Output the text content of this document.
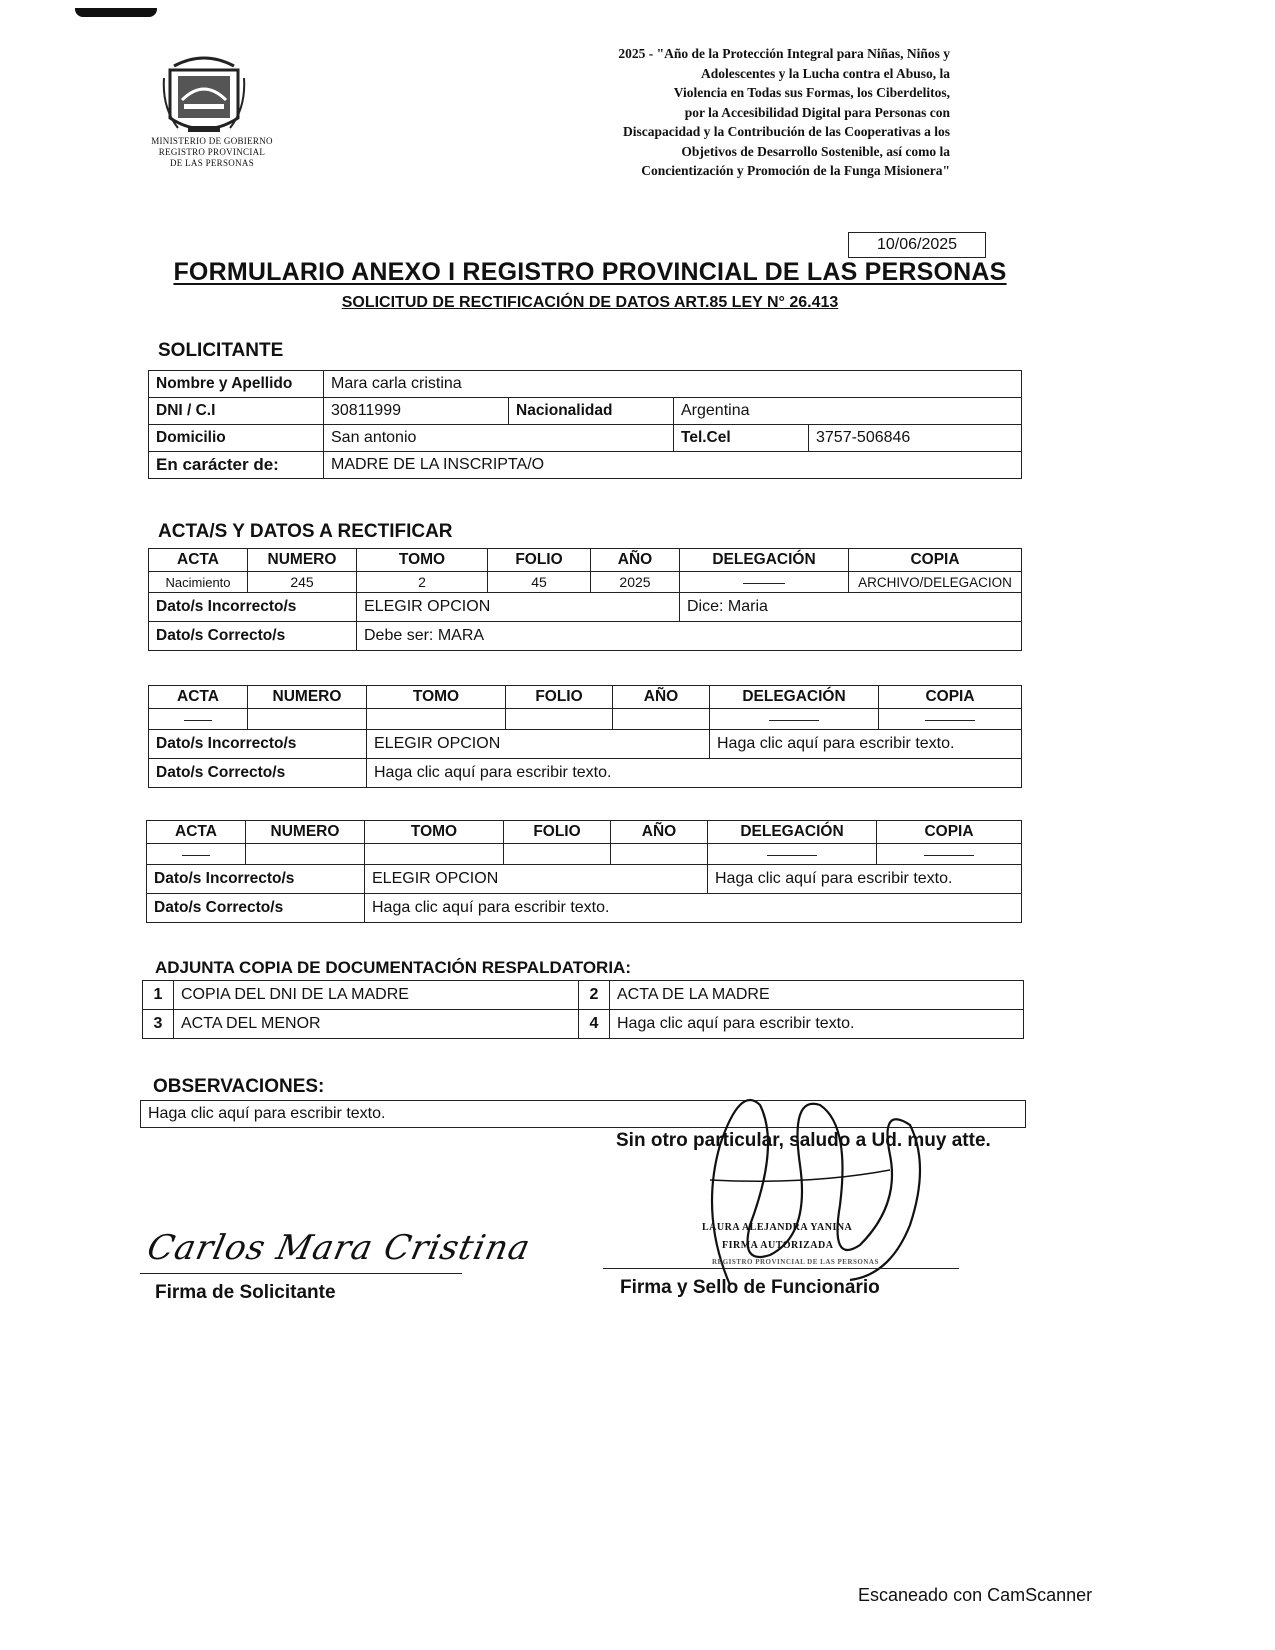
MINISTERIO DE GOBIERNO
REGISTRO PROVINCIAL
DE LAS PERSONAS
2025 - "Año de la Protección Integral para Niñas, Niños y
Adolescentes y la Lucha contra el Abuso, la
Violencia en Todas sus Formas, los Ciberdelitos,
por la Accesibilidad Digital para Personas con
Discapacidad y la Contribución de las Cooperativas a los
Objetivos de Desarrollo Sostenible, así como la
Concientización y Promoción de la Funga Misionera"
10/06/2025
FORMULARIO ANEXO I REGISTRO PROVINCIAL DE LAS PERSONAS
SOLICITUD DE RECTIFICACIÓN DE DATOS ART.85 LEY N° 26.413
SOLICITANTE
Nombre y Apellido	Mara carla cristina			
DNI / C.I	30811999	Nacionalidad	Argentina	
Domicilio	San antonio		Tel.Cel	3757-506846
En carácter de:	MADRE DE LA INSCRIPTA/O			
ACTA/S Y DATOS A RECTIFICAR
ACTA	NUMERO	TOMO	FOLIO	AÑO	DELEGACIÓN	COPIA
Nacimiento	245	2	45	2025	———	ARCHIVO/DELEGACION
Dato/s Incorrecto/s		ELEGIR OPCION			Dice: Maria	
Dato/s Correcto/s		Debe ser: MARA				
ACTA	NUMERO	TOMO	FOLIO	AÑO	DELEGACIÓN	COPIA

Dato/s Incorrecto/s		ELEGIR OPCION			Haga clic aquí para escribir texto.	
Dato/s Correcto/s		Haga clic aquí para escribir texto.				
ACTA	NUMERO	TOMO	FOLIO	AÑO	DELEGACIÓN	COPIA

Dato/s Incorrecto/s		ELEGIR OPCION			Haga clic aquí para escribir texto.	
Dato/s Correcto/s		Haga clic aquí para escribir texto.				
ADJUNTA COPIA DE DOCUMENTACIÓN RESPALDATORIA:
1	COPIA DEL DNI DE LA MADRE	2	ACTA DE LA MADRE
3	ACTA DEL MENOR	4	Haga clic aquí para escribir texto.
OBSERVACIONES:
Haga clic aquí para escribir texto.
Sin otro particular, saludo a Ud. muy atte.
LAURA ALEJANDRA YANINA
FIRMA AUTORIZADA
REGISTRO PROVINCIAL DE LAS PERSONAS
Carlos Mara Cristina
Firma de Solicitante	Firma y Sello de Funcionario
Escaneado con CamScanner
